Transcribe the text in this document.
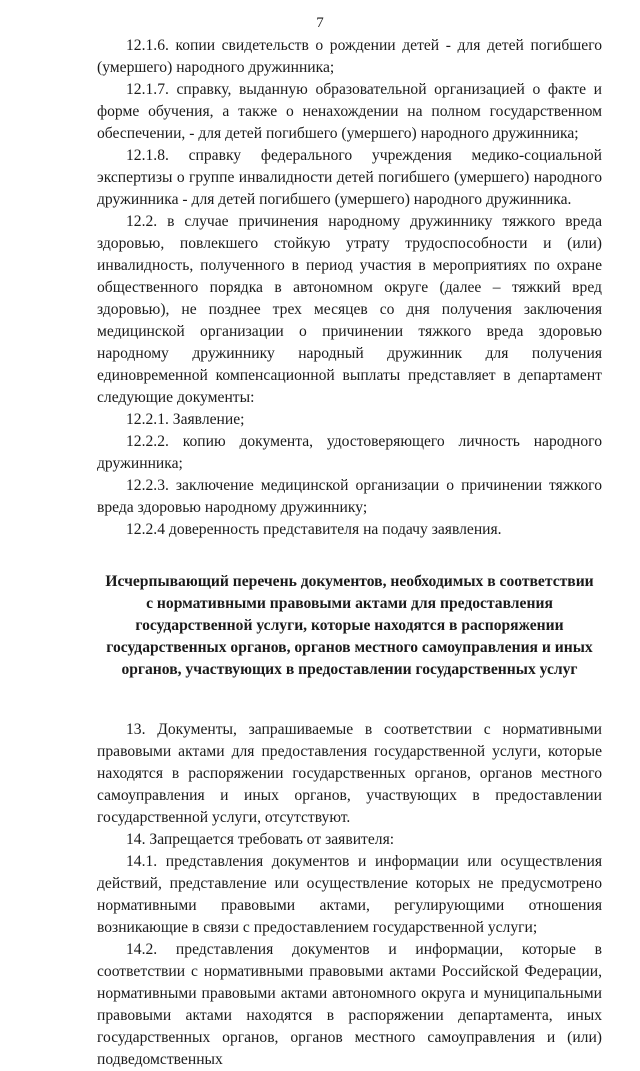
7

12.1.6. копии свидетельств о рождении детей - для детей погибшего (умершего) народного дружинника;

12.1.7. справку, выданную образовательной организацией о факте и форме обучения, а также о ненахождении на полном государственном обеспечении, - для детей погибшего (умершего) народного дружинника;

12.1.8. справку федерального учреждения медико-социальной экспертизы о группе инвалидности детей погибшего (умершего) народного дружинника - для детей погибшего (умершего) народного дружинника.

12.2. в случае причинения народному дружиннику тяжкого вреда здоровью, повлекшего стойкую утрату трудоспособности и (или) инвалидность, полученного в период участия в мероприятиях по охране общественного порядка в автономном округе (далее – тяжкий вред здоровью), не позднее трех месяцев со дня получения заключения медицинской организации о причинении тяжкого вреда здоровью народному дружиннику народный дружинник для получения единовременной компенсационной выплаты представляет в департамент следующие документы:

12.2.1. Заявление;

12.2.2. копию документа, удостоверяющего личность народного дружинника;

12.2.3. заключение медицинской организации о причинении тяжкого вреда здоровью народному дружиннику;

12.2.4 доверенность представителя на подачу заявления.

Исчерпывающий перечень документов, необходимых в соответствии с нормативными правовыми актами для предоставления государственной услуги, которые находятся в распоряжении государственных органов, органов местного самоуправления и иных органов, участвующих в предоставлении государственных услуг

13. Документы, запрашиваемые в соответствии с нормативными правовыми актами для предоставления государственной услуги, которые находятся в распоряжении государственных органов, органов местного самоуправления и иных органов, участвующих в предоставлении государственной услуги, отсутствуют.

14. Запрещается требовать от заявителя:

14.1. представления документов и информации или осуществления действий, представление или осуществление которых не предусмотрено нормативными правовыми актами, регулирующими отношения возникающие в связи с предоставлением государственной услуги;

14.2. представления документов и информации, которые в соответствии с нормативными правовыми актами Российской Федерации, нормативными правовыми актами автономного округа и муниципальными правовыми актами находятся в распоряжении департамента, иных государственных органов, органов местного самоуправления и (или) подведомственных
